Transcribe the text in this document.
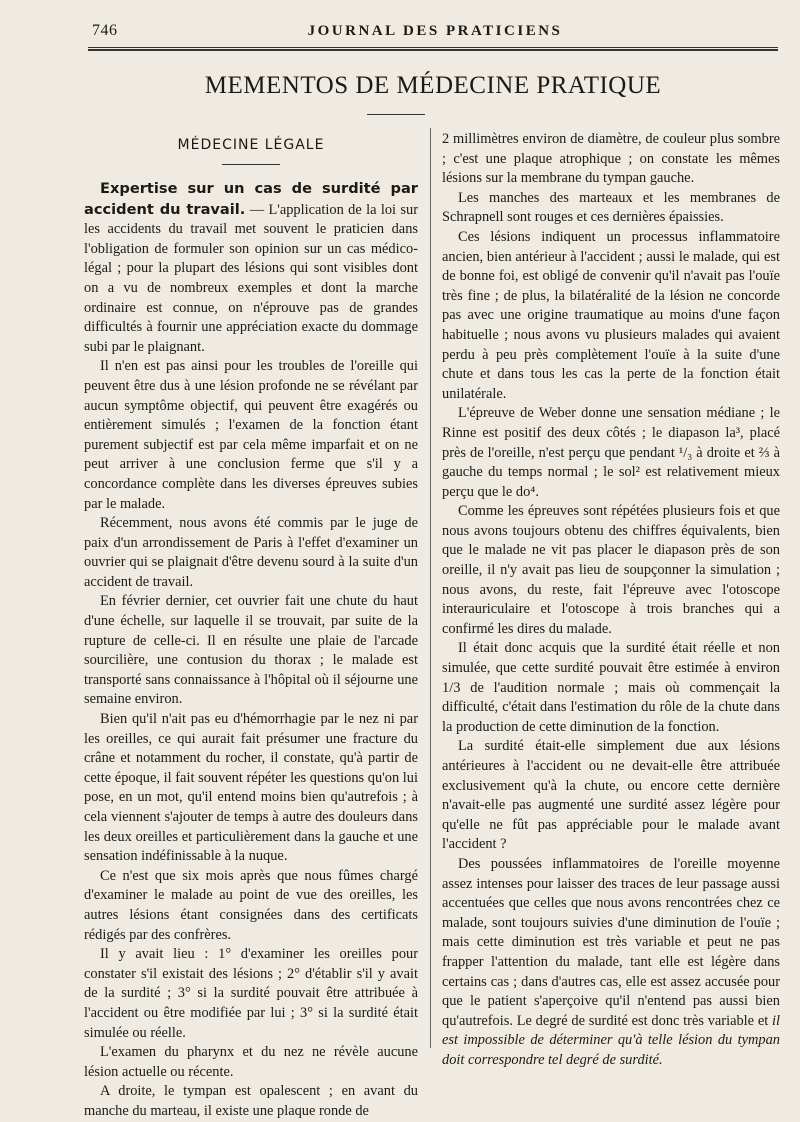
746	JOURNAL DES PRATICIENS
MEMENTOS DE MÉDECINE PRATIQUE
MÉDECINE LÉGALE

Expertise sur un cas de surdité par accident du travail. — L'application de la loi sur les accidents du travail met souvent le praticien dans l'obligation de formuler son opinion sur un cas médico-légal ; pour la plupart des lésions qui sont visibles dont on a vu de nombreux exemples et dont la marche ordinaire est connue, on n'éprouve pas de grandes difficultés à fournir une appréciation exacte du dommage subi par le plaignant.

Il n'en est pas ainsi pour les troubles de l'oreille qui peuvent être dus à une lésion profonde ne se révélant par aucun symptôme objectif, qui peuvent être exagérés ou entièrement simulés ; l'examen de la fonction étant purement subjectif est par cela même imparfait et on ne peut arriver à une conclusion ferme que s'il y a concordance complète dans les diverses épreuves subies par le malade.

Récemment, nous avons été commis par le juge de paix d'un arrondissement de Paris à l'effet d'examiner un ouvrier qui se plaignait d'être devenu sourd à la suite d'un accident de travail.

En février dernier, cet ouvrier fait une chute du haut d'une échelle, sur laquelle il se trouvait, par suite de la rupture de celle-ci. Il en résulte une plaie de l'arcade sourcilière, une contusion du thorax ; le malade est transporté sans connaissance à l'hôpital où il séjourne une semaine environ.

Bien qu'il n'ait pas eu d'hémorrhagie par le nez ni par les oreilles, ce qui aurait fait présumer une fracture du crâne et notamment du rocher, il constate, qu'à partir de cette époque, il fait souvent répéter les questions qu'on lui pose, en un mot, qu'il entend moins bien qu'autrefois ; à cela viennent s'ajouter de temps à autre des douleurs dans les deux oreilles et particulièrement dans la gauche et une sensation indéfinissable à la nuque.

Ce n'est que six mois après que nous fûmes chargé d'examiner le malade au point de vue des oreilles, les autres lésions étant consignées dans des certificats rédigés par des confrères.

Il y avait lieu : 1° d'examiner les oreilles pour constater s'il existait des lésions ; 2° d'établir s'il y avait de la surdité ; 3° si la surdité pouvait être attribuée à l'accident ou être modifiée par lui ; 3° si la surdité était simulée ou réelle.

L'examen du pharynx et du nez ne révèle aucune lésion actuelle ou récente.

A droite, le tympan est opalescent ; en avant du manche du marteau, il existe une plaque ronde de

2 millimètres environ de diamètre, de couleur plus sombre ; c'est une plaque atrophique ; on constate les mêmes lésions sur la membrane du tympan gauche.

Les manches des marteaux et les membranes de Schrapnell sont rouges et ces dernières épaissies.

Ces lésions indiquent un processus inflammatoire ancien, bien antérieur à l'accident ; aussi le malade, qui est de bonne foi, est obligé de convenir qu'il n'avait pas l'ouïe très fine ; de plus, la bilatéralité de la lésion ne concorde pas avec une origine traumatique au moins d'une façon habituelle ; nous avons vu plusieurs malades qui avaient perdu à peu près complètement l'ouïe à la suite d'une chute et dans tous les cas la perte de la fonction était unilatérale.

L'épreuve de Weber donne une sensation médiane ; le Rinne est positif des deux côtés ; le diapason la³, placé près de l'oreille, n'est perçu que pendant ¹/₃ à droite et ⅔ à gauche du temps normal ; le sol² est relativement mieux perçu que le do⁴.

Comme les épreuves sont répétées plusieurs fois et que nous avons toujours obtenu des chiffres équivalents, bien que le malade ne vit pas placer le diapason près de son oreille, il n'y avait pas lieu de soupçonner la simulation ; nous avons, du reste, fait l'épreuve avec l'otoscope interauriculaire et l'otoscope à trois branches qui a confirmé les dires du malade.

Il était donc acquis que la surdité était réelle et non simulée, que cette surdité pouvait être estimée à environ 1/3 de l'audition normale ; mais où commençait la difficulté, c'était dans l'estimation du rôle de la chute dans la production de cette diminution de la fonction.

La surdité était-elle simplement due aux lésions antérieures à l'accident ou ne devait-elle être attribuée exclusivement qu'à la chute, ou encore cette dernière n'avait-elle pas augmenté une surdité assez légère pour qu'elle ne fût pas appréciable pour le malade avant l'accident ?

Des poussées inflammatoires de l'oreille moyenne assez intenses pour laisser des traces de leur passage aussi accentuées que celles que nous avons rencontrées chez ce malade, sont toujours suivies d'une diminution de l'ouïe ; mais cette diminution est très variable et peut ne pas frapper l'attention du malade, tant elle est légère dans certains cas ; dans d'autres cas, elle est assez accusée pour que le patient s'aperçoive qu'il n'entend pas aussi bien qu'autrefois. Le degré de surdité est donc très variable et il est impossible de déterminer qu'à telle lésion du tympan doit correspondre tel degré de surdité.
